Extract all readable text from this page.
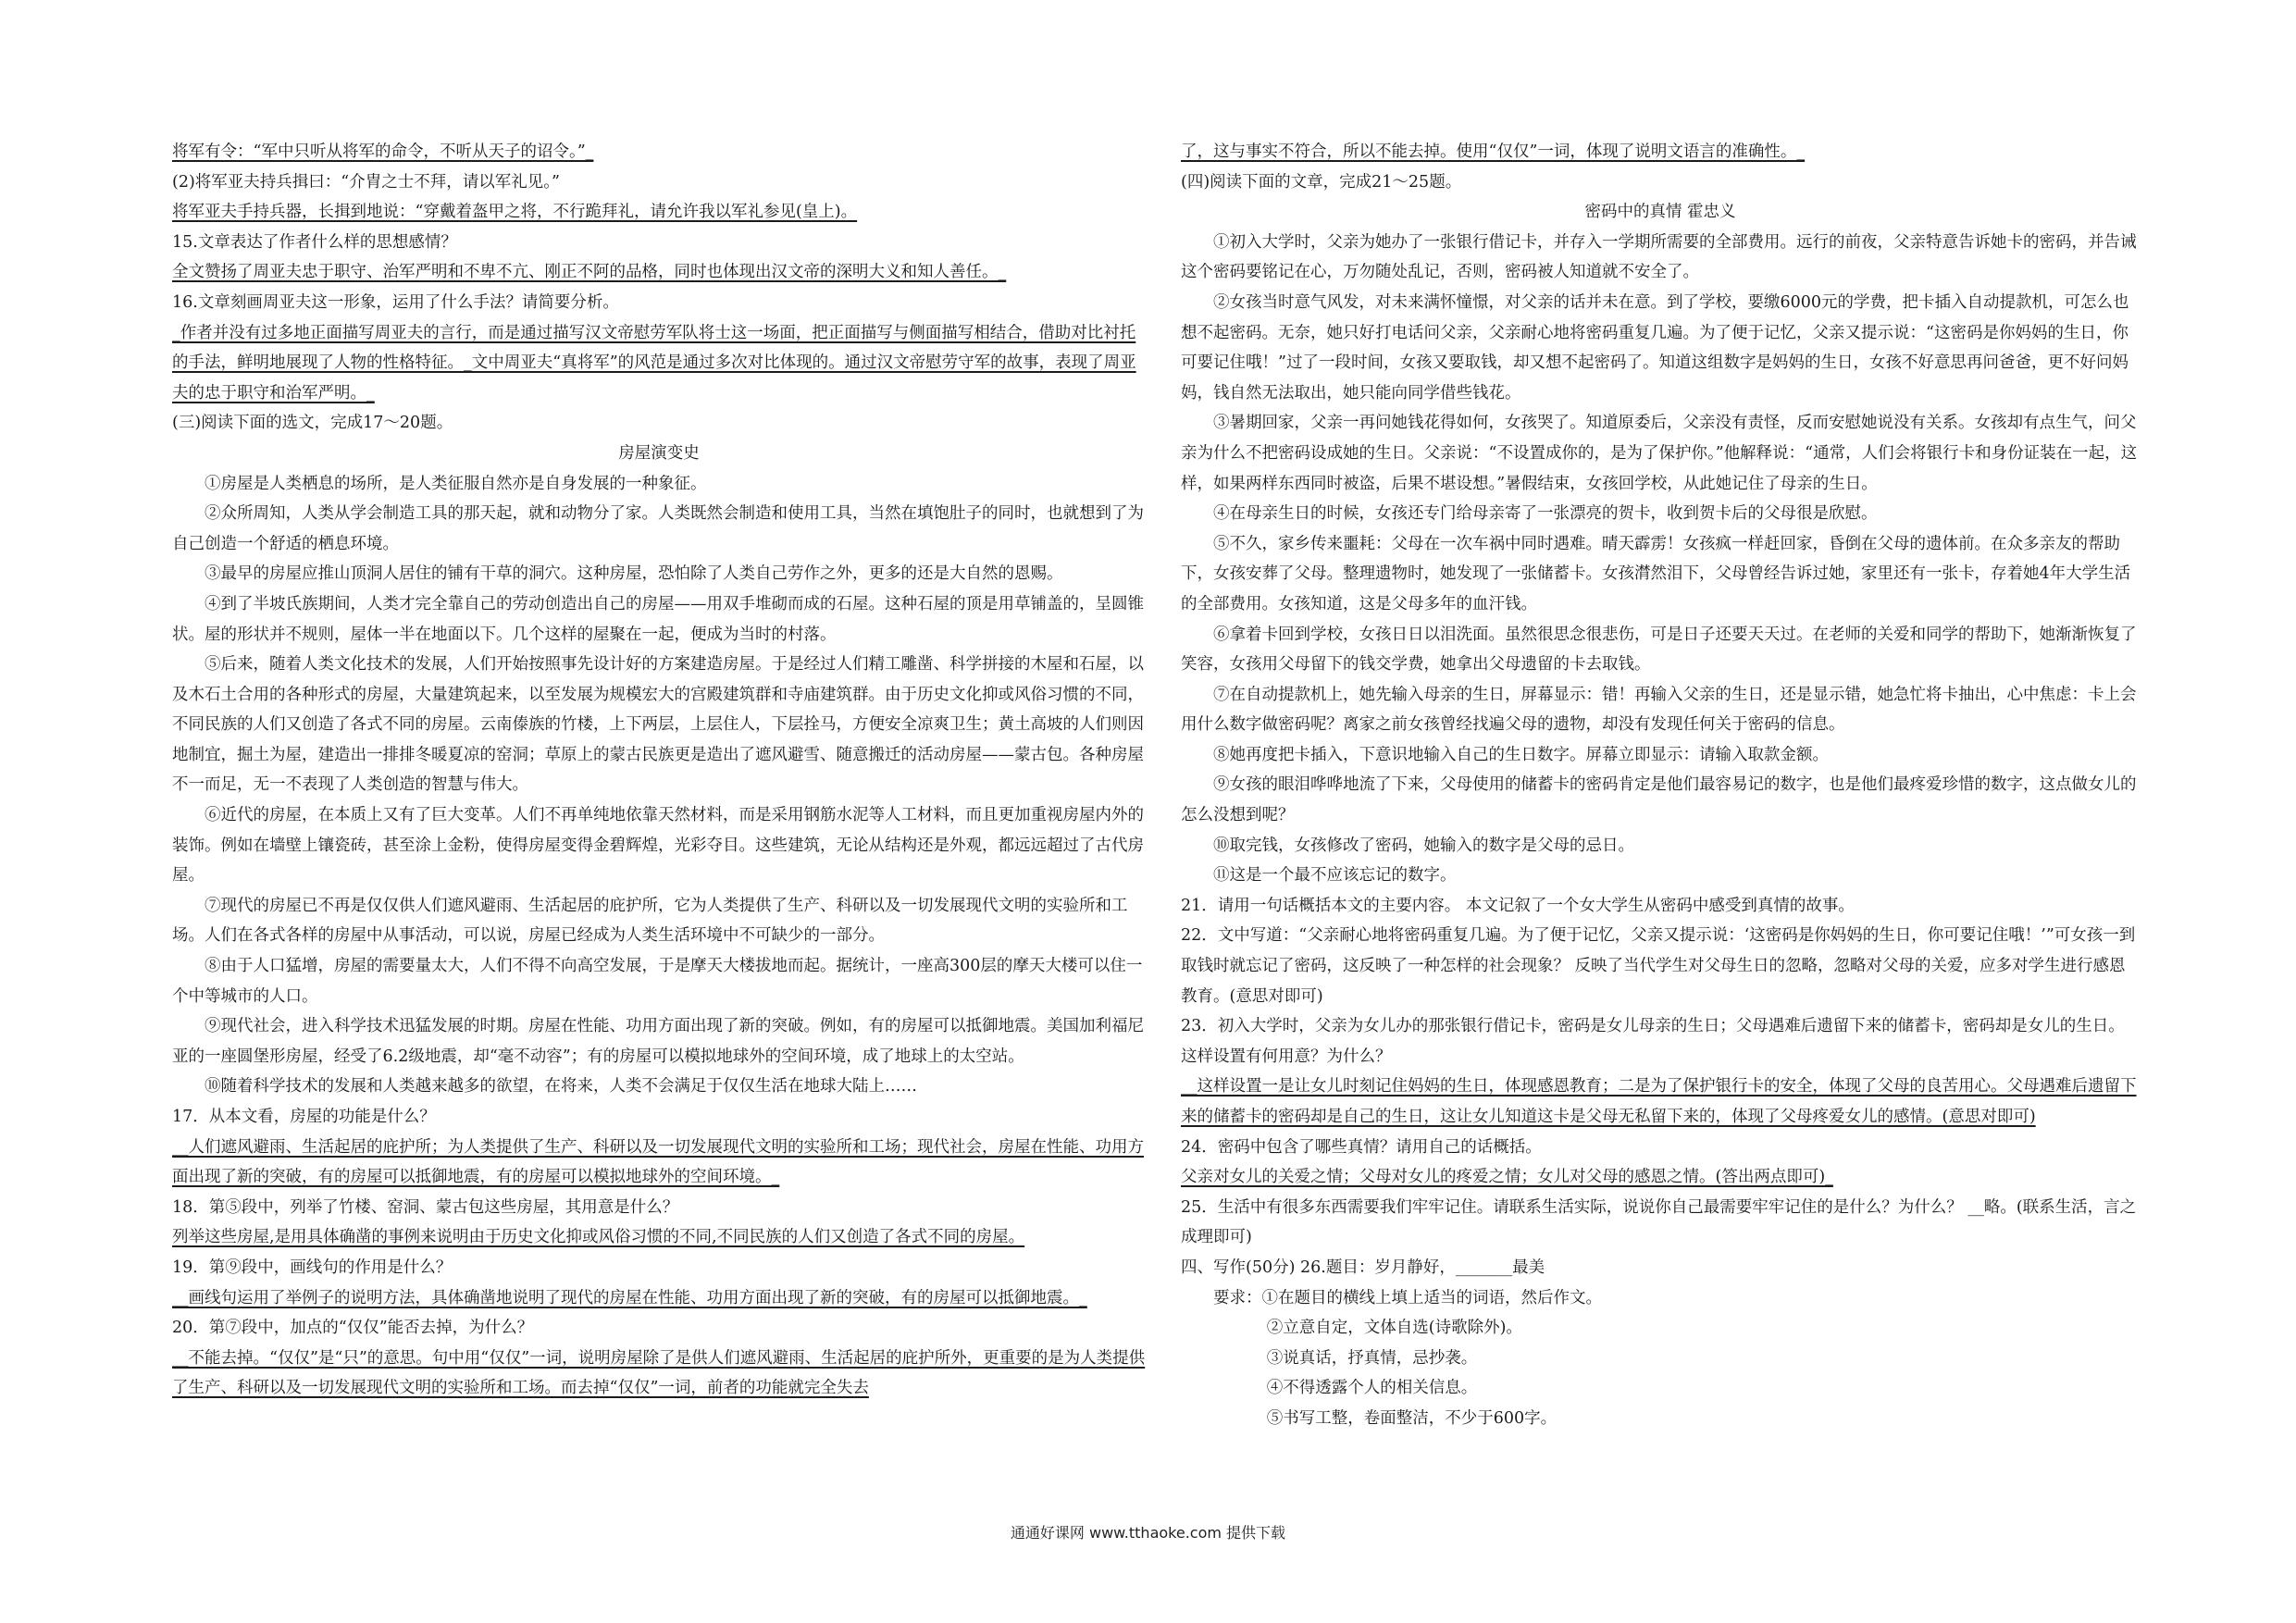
将军有令：“军中只听从将军的命令，不听从天子的诏令。”_

(2)将军亚夫持兵揖曰：“介胄之士不拜，请以军礼见。”

将军亚夫手持兵器，长揖到地说：“穿戴着盔甲之将，不行跪拜礼，请允许我以军礼参见(皇上)。

15.文章表达了作者什么样的思想感情？

全文赞扬了周亚夫忠于职守、治军严明和不卑不亢、刚正不阿的品格，同时也体现出汉文帝的深明大义和知人善任。_

16.文章刻画周亚夫这一形象，运用了什么手法？请简要分析。

_作者并没有过多地正面描写周亚夫的言行，而是通过描写汉文帝慰劳军队将士这一场面，把正面描写与侧面描写相结合，借助对比衬托的手法，鲜明地展现了人物的性格特征。_文中周亚夫“真将军”的风范是通过多次对比体现的。通过汉文帝慰劳守军的故事，表现了周亚夫的忠于职守和治军严明。_

(三)阅读下面的选文，完成17～20题。

房屋演变史

①房屋是人类栖息的场所，是人类征服自然亦是自身发展的一种象征。

②众所周知，人类从学会制造工具的那天起，就和动物分了家。人类既然会制造和使用工具，当然在填饱肚子的同时，也就想到了为自己创造一个舒适的栖息环境。

③最早的房屋应推山顶洞人居住的铺有干草的洞穴。这种房屋，恐怕除了人类自己劳作之外，更多的还是大自然的恩赐。

④到了半坡氏族期间，人类才完全靠自己的劳动创造出自己的房屋——用双手堆砌而成的石屋。这种石屋的顶是用草铺盖的，呈圆锥状。屋的形状并不规则，屋体一半在地面以下。几个这样的屋聚在一起，便成为当时的村落。

⑤后来，随着人类文化技术的发展，人们开始按照事先设计好的方案建造房屋。于是经过人们精工雕凿、科学拼接的木屋和石屋，以及木石土合用的各种形式的房屋，大量建筑起来，以至发展为规模宏大的宫殿建筑群和寺庙建筑群。由于历史文化抑或风俗习惯的不同，不同民族的人们又创造了各式不同的房屋。云南傣族的竹楼，上下两层，上层住人，下层拴马，方便安全凉爽卫生；黄土高坡的人们则因地制宜，掘土为屋，建造出一排排冬暖夏凉的窑洞；草原上的蒙古民族更是造出了遮风避雪、随意搬迁的活动房屋——蒙古包。各种房屋不一而足，无一不表现了人类创造的智慧与伟大。

⑥近代的房屋，在本质上又有了巨大变革。人们不再单纯地依靠天然材料，而是采用钢筋水泥等人工材料，而且更加重视房屋内外的装饰。例如在墙壁上镶瓷砖，甚至涂上金粉，使得房屋变得金碧辉煌，光彩夺目。这些建筑，无论从结构还是外观，都远远超过了古代房屋。

⑦现代的房屋已不再是仅仅供人们遮风避雨、生活起居的庇护所，它为人类提供了生产、科研以及一切发展现代文明的实验所和工场。人们在各式各样的房屋中从事活动，可以说，房屋已经成为人类生活环境中不可缺少的一部分。

⑧由于人口猛增，房屋的需要量太大，人们不得不向高空发展，于是摩天大楼拔地而起。据统计，一座高300层的摩天大楼可以住一个中等城市的人口。

⑨现代社会，进入科学技术迅猛发展的时期。房屋在性能、功用方面出现了新的突破。例如，有的房屋可以抵御地震。美国加利福尼亚的一座圆堡形房屋，经受了6.2级地震，却“毫不动容”；有的房屋可以模拟地球外的空间环境，成了地球上的太空站。

⑩随着科学技术的发展和人类越来越多的欲望，在将来，人类不会满足于仅仅生活在地球大陆上……

17．从本文看，房屋的功能是什么？

__人们遮风避雨、生活起居的庇护所；为人类提供了生产、科研以及一切发展现代文明的实验所和工场；现代社会，房屋在性能、功用方面出现了新的突破，有的房屋可以抵御地震，有的房屋可以模拟地球外的空间环境。_

18．第⑤段中，列举了竹楼、窑洞、蒙古包这些房屋，其用意是什么？

列举这些房屋,是用具体确凿的事例来说明由于历史文化抑或风俗习惯的不同,不同民族的人们又创造了各式不同的房屋。

19．第⑨段中，画线句的作用是什么？

__画线句运用了举例子的说明方法，具体确凿地说明了现代的房屋在性能、功用方面出现了新的突破，有的房屋可以抵御地震。_

20．第⑦段中，加点的“仅仅”能否去掉，为什么？

__不能去掉。“仅仅”是“只”的意思。句中用“仅仅”一词，说明房屋除了是供人们遮风避雨、生活起居的庇护所外，更重要的是为人类提供了生产、科研以及一切发展现代文明的实验所和工场。而去掉“仅仅”一词，前者的功能就完全失去

了，这与事实不符合，所以不能去掉。使用“仅仅”一词，体现了说明文语言的准确性。_

(四)阅读下面的文章，完成21～25题。

密码中的真情 霍忠义

①初入大学时，父亲为她办了一张银行借记卡，并存入一学期所需要的全部费用。远行的前夜，父亲特意告诉她卡的密码，并告诫这个密码要铭记在心，万勿随处乱记，否则，密码被人知道就不安全了。

②女孩当时意气风发，对未来满怀憧憬，对父亲的话并未在意。到了学校，要缴6000元的学费，把卡插入自动提款机，可怎么也想不起密码。无奈，她只好打电话问父亲，父亲耐心地将密码重复几遍。为了便于记忆，父亲又提示说：“这密码是你妈妈的生日，你可要记住哦！”过了一段时间，女孩又要取钱，却又想不起密码了。知道这组数字是妈妈的生日，女孩不好意思再问爸爸，更不好问妈妈，钱自然无法取出，她只能向同学借些钱花。

③暑期回家，父亲一再问她钱花得如何，女孩哭了。知道原委后，父亲没有责怪，反而安慰她说没有关系。女孩却有点生气，问父亲为什么不把密码设成她的生日。父亲说：“不设置成你的，是为了保护你。”他解释说：“通常，人们会将银行卡和身份证装在一起，这样，如果两样东西同时被盗，后果不堪设想。”暑假结束，女孩回学校，从此她记住了母亲的生日。

④在母亲生日的时候，女孩还专门给母亲寄了一张漂亮的贺卡，收到贺卡后的父母很是欣慰。

⑤不久，家乡传来噩耗：父母在一次车祸中同时遇难。晴天霹雳！女孩疯一样赶回家，昏倒在父母的遗体前。在众多亲友的帮助下，女孩安葬了父母。整理遗物时，她发现了一张储蓄卡。女孩潸然泪下，父母曾经告诉过她，家里还有一张卡，存着她4年大学生活的全部费用。女孩知道，这是父母多年的血汗钱。

⑥拿着卡回到学校，女孩日日以泪洗面。虽然很思念很悲伤，可是日子还要天天过。在老师的关爱和同学的帮助下，她渐渐恢复了笑容，女孩用父母留下的钱交学费，她拿出父母遗留的卡去取钱。

⑦在自动提款机上，她先输入母亲的生日，屏幕显示：错！再输入父亲的生日，还是显示错，她急忙将卡抽出，心中焦虑：卡上会用什么数字做密码呢？离家之前女孩曾经找遍父母的遗物，却没有发现任何关于密码的信息。

⑧她再度把卡插入，下意识地输入自己的生日数字。屏幕立即显示：请输入取款金额。

⑨女孩的眼泪哗哗地流了下来，父母使用的储蓄卡的密码肯定是他们最容易记的数字，也是他们最疼爱珍惜的数字，这点做女儿的怎么没想到呢？

⑩取完钱，女孩修改了密码，她输入的数字是父母的忌日。

⑪这是一个最不应该忘记的数字。

21．请用一句话概括本文的主要内容。 本文记叙了一个女大学生从密码中感受到真情的故事。

22．文中写道：“父亲耐心地将密码重复几遍。为了便于记忆，父亲又提示说：‘这密码是你妈妈的生日，你可要记住哦！’”可女孩一到取钱时就忘记了密码，这反映了一种怎样的社会现象？ 反映了当代学生对父母生日的忽略，忽略对父母的关爱，应多对学生进行感恩教育。(意思对即可)

23．初入大学时，父亲为女儿办的那张银行借记卡，密码是女儿母亲的生日；父母遇难后遗留下来的储蓄卡，密码却是女儿的生日。这样设置有何用意？为什么？

__这样设置一是让女儿时刻记住妈妈的生日，体现感恩教育；二是为了保护银行卡的安全，体现了父母的良苦用心。父母遇难后遗留下来的储蓄卡的密码却是自己的生日，这让女儿知道这卡是父母无私留下来的，体现了父母疼爱女儿的感情。(意思对即可)

24．密码中包含了哪些真情？请用自己的话概括。

父亲对女儿的关爱之情；父母对女儿的疼爱之情；女儿对父母的感恩之情。(答出两点即可)_

25．生活中有很多东西需要我们牢牢记住。请联系生活实际，说说你自己最需要牢牢记住的是什么？为什么？ __略。(联系生活，言之成理即可)

四、写作(50分) 26.题目：岁月静好，_______最美

要求：①在题目的横线上填上适当的词语，然后作文。

②立意自定，文体自选(诗歌除外)。

③说真话，抒真情，忌抄袭。

④不得透露个人的相关信息。

⑤书写工整，卷面整洁，不少于600字。

通通好课网 www.tthaoke.com 提供下载
